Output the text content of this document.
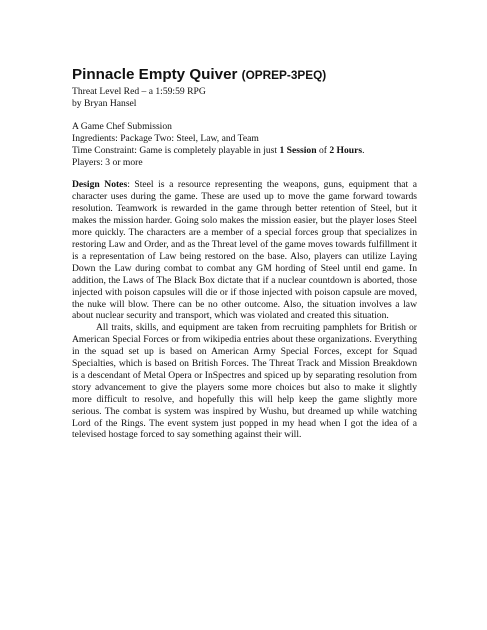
Pinnacle Empty Quiver (OPREP-3PEQ)
Threat Level Red – a 1:59:59 RPG
by Bryan Hansel
A Game Chef Submission
Ingredients: Package Two: Steel, Law, and Team
Time Constraint: Game is completely playable in just 1 Session of 2 Hours.
Players: 3 or more

Design Notes: Steel is a resource representing the weapons, guns, equipment that a character uses during the game. These are used up to move the game forward towards resolution. Teamwork is rewarded in the game through better retention of Steel, but it makes the mission harder. Going solo makes the mission easier, but the player loses Steel more quickly. The characters are a member of a special forces group that specializes in restoring Law and Order, and as the Threat level of the game moves towards fulfillment it is a representation of Law being restored on the base. Also, players can utilize Laying Down the Law during combat to combat any GM hording of Steel until end game. In addition, the Laws of The Black Box dictate that if a nuclear countdown is aborted, those injected with poison capsules will die or if those injected with poison capsule are moved, the nuke will blow. There can be no other outcome. Also, the situation involves a law about nuclear security and transport, which was violated and created this situation.

All traits, skills, and equipment are taken from recruiting pamphlets for British or American Special Forces or from wikipedia entries about these organizations. Everything in the squad set up is based on American Army Special Forces, except for Squad Specialties, which is based on British Forces. The Threat Track and Mission Breakdown is a descendant of Metal Opera or InSpectres and spiced up by separating resolution from story advancement to give the players some more choices but also to make it slightly more difficult to resolve, and hopefully this will help keep the game slightly more serious. The combat is system was inspired by Wushu, but dreamed up while watching Lord of the Rings. The event system just popped in my head when I got the idea of a televised hostage forced to say something against their will.
